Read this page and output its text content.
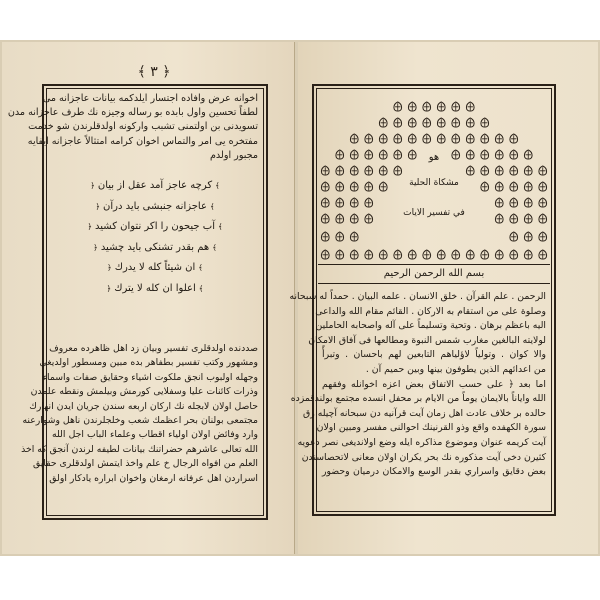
﴿ ٣ ﴾
اخوانه عرض وافاده اجتسار ايلدكمه بيانات عاجزانه مى
لطفاً تحسين واول بابده بو رساله وجيزه نك طرف عاجزانه مدن
تسويدنى بن اولتمنى تشبب واركونه اولدقلرندن شو خدمت
مفتخره يى امر والتماس اخوان كرامه امتثالاً عاجزانه ايفايه
مجبور اولدم
﴾كرچه عاجز آمد عقل از بيان﴿
﴾عاجزانه جنبشى بايد درآن﴿
﴾آب جيحون را اكر نتوان كشيد﴿
﴾هم بقدر تشنكى بايد چشيد﴿
﴾ان شيئاً كله لا يدرك﴿
﴾اعلوا ان كله لا يترك﴿
صددنده اولدقلرى تفسير وبيان زد اهل ظاهرده معروف
ومشهور وكتب تفسير بطفاهر بده مبين ومسطور اولديغى
وجهله اولبوب انجق ملكوت اشياء وحقايق صفات واسماء
وذرات كائنات عليا وسفلايى كورمش وبيلمش ونقطه علمدن
حاصل اولان لابجله نك اركان اربعه سندن جريان ايدن انهارك
مجتمعى بولنان بحر اعظمك شعب وخلجلرندن ناهل وشوارعنه
وارد وفائض اولان اولياء اقطاب وعلماء الباب اجل الله
الله تعالى عاشرهم حضراتنك بيانات لطيفه لرندن آنجق كه اخذ
العلم من افواه الرجال خ علم واخذ ايتمش اولدقلرى حقايق
اسراردن اهل عرفانه ارمغان واخوان ابراره يادكار اولق
هو
مشكاة الحلية
في تفسير الايات
بسم الله الرحمن الرحيم
الرحمن . علم القرآن . خلق الانسان . علمه البيان . حمداً له سبحانه
وصلوة على من استقام به الاركان . القائم مقام الله والداعى
اليه باعظم برهان . وتحية وتسليماً على آله واصحابه الحاملين
لولايته البالغين مغارب شمس النبوة ومطالعها فى آفاق الامكان
والا كوان . وتولياً لاؤلياهم التابعين لهم باحسان . وتبرأً
من اعدائهم الذين يطوفون بينها وبين حميم آن .
اما بعد ﴿ على حسب الاتفاق بعض اعزه اخوانله وفقهم
الله واياناً بالايمان يوماً من الايام بر محفل انسده مجتمع بولندقمزده
حالده بر خلاف عادت اهل زمان آيت قرآنيه دن سبحانه آچيله رق
سورة الكهفده واقع وذو القرنينك احوالنى مفسر ومبين اولان
آيت كريمه عنوان وموضوع مذاكره ايله وضع اولانديغى نصر دعويه
كثيرن دخى آيت مذكوره نك بحر يكران اولان معانى لاتحصاسندن
بعض دقايق واسراري بقدر الوسع والامكان درميان وحضور
